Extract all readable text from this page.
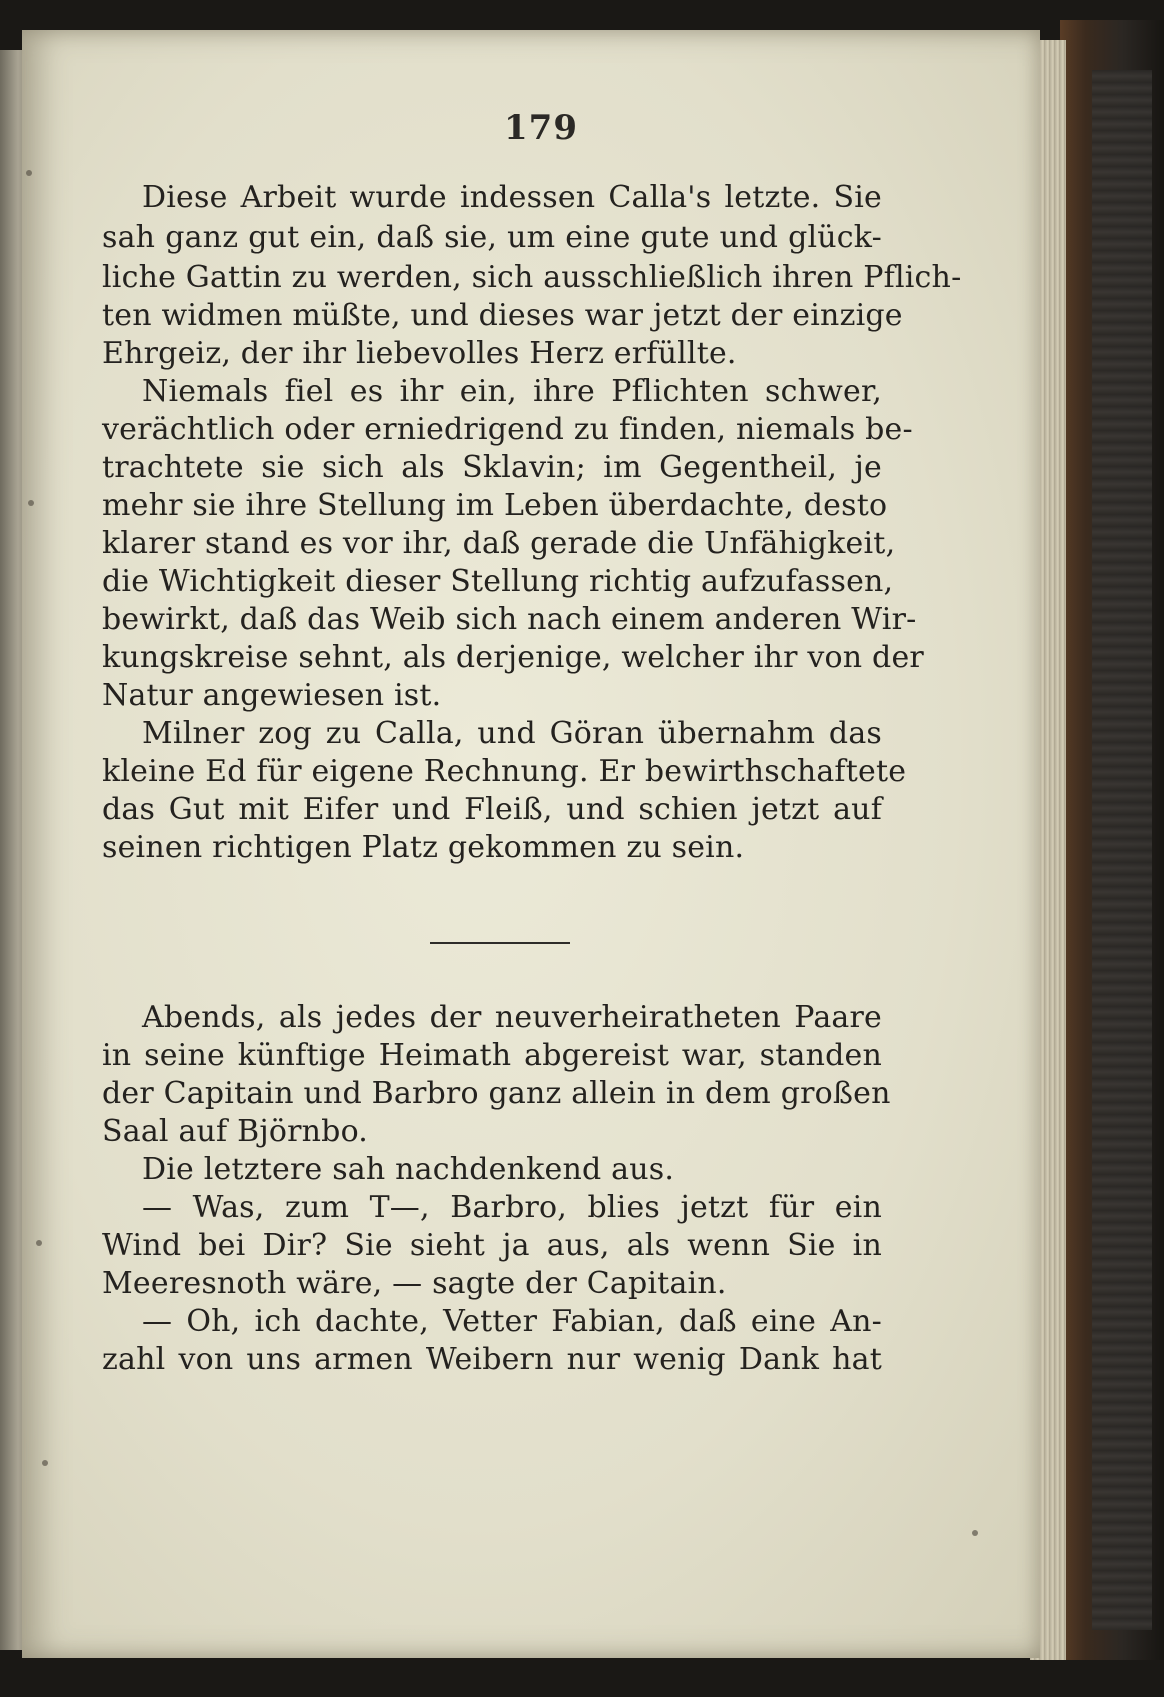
179
Diese Arbeit wurde indessen Calla's letzte. Sie
sah ganz gut ein, daß sie, um eine gute und glück-
liche Gattin zu werden, sich ausschließlich ihren Pflich-
ten widmen müßte, und dieses war jetzt der einzige
Ehrgeiz, der ihr liebevolles Herz erfüllte.
Niemals fiel es ihr ein, ihre Pflichten schwer,
verächtlich oder erniedrigend zu finden, niemals be-
trachtete sie sich als Sklavin; im Gegentheil, je
mehr sie ihre Stellung im Leben überdachte, desto
klarer stand es vor ihr, daß gerade die Unfähigkeit,
die Wichtigkeit dieser Stellung richtig aufzufassen,
bewirkt, daß das Weib sich nach einem anderen Wir-
kungskreise sehnt, als derjenige, welcher ihr von der
Natur angewiesen ist.
Milner zog zu Calla, und Göran übernahm das
kleine Ed für eigene Rechnung. Er bewirthschaftete
das Gut mit Eifer und Fleiß, und schien jetzt auf
seinen richtigen Platz gekommen zu sein.
Abends, als jedes der neuverheiratheten Paare
in seine künftige Heimath abgereist war, standen
der Capitain und Barbro ganz allein in dem großen
Saal auf Björnbo.
Die letztere sah nachdenkend aus.
— Was, zum T—, Barbro, blies jetzt für ein
Wind bei Dir? Sie sieht ja aus, als wenn Sie in
Meeresnoth wäre, — sagte der Capitain.
— Oh, ich dachte, Vetter Fabian, daß eine An-
zahl von uns armen Weibern nur wenig Dank hat
